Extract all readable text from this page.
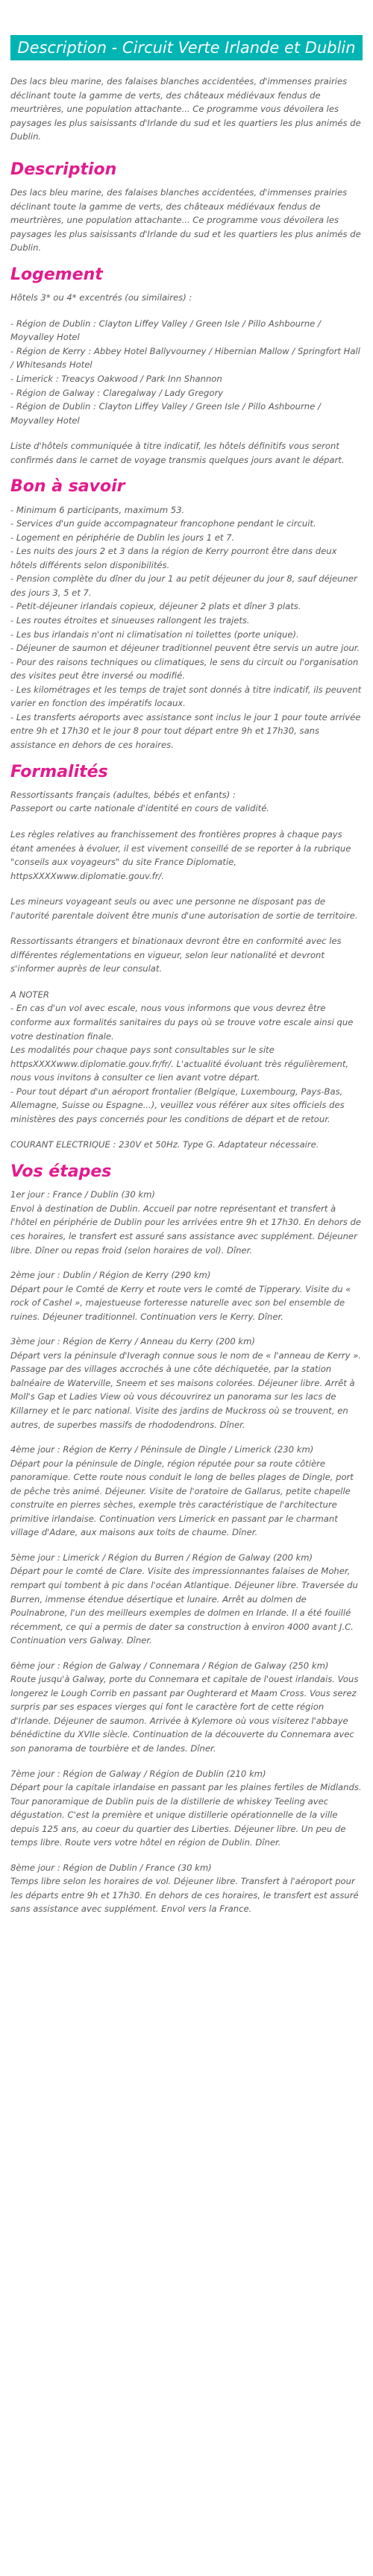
Description - Circuit Verte Irlande et Dublin

Des lacs bleu marine, des falaises blanches accidentées, d'immenses prairies déclinant toute la gamme de verts, des châteaux médiévaux fendus de meurtrières, une population attachante... Ce programme vous dévoilera les paysages les plus saisissants d'Irlande du sud et les quartiers les plus animés de Dublin.

Description

Des lacs bleu marine, des falaises blanches accidentées, d'immenses prairies déclinant toute la gamme de verts, des châteaux médiévaux fendus de meurtrières, une population attachante... Ce programme vous dévoilera les paysages les plus saisissants d'Irlande du sud et les quartiers les plus animés de Dublin.

Logement
Hôtels 3* ou 4* excentrés (ou similaires) :
- Région de Dublin : Clayton Liffey Valley / Green Isle / Pillo Ashbourne / Moyvalley Hotel
- Région de Kerry : Abbey Hotel Ballyvourney / Hibernian Mallow / Springfort Hall / Whitesands Hotel
- Limerick : Treacys Oakwood / Park Inn Shannon
- Région de Galway : Claregalway / Lady Gregory
- Région de Dublin : Clayton Liffey Valley / Green Isle / Pillo Ashbourne / Moyvalley Hotel
Liste d'hôtels communiquée à titre indicatif, les hôtels définitifs vous seront confirmés dans le carnet de voyage transmis quelques jours avant le départ.
Bon à savoir
- Minimum 6 participants, maximum 53.
- Services d'un guide accompagnateur francophone pendant le circuit.
- Logement en périphérie de Dublin les jours 1 et 7.
- Les nuits des jours 2 et 3 dans la région de Kerry pourront être dans deux hôtels différents selon disponibilités.
- Pension complète du dîner du jour 1 au petit déjeuner du jour 8, sauf déjeuner des jours 3, 5 et 7.
- Petit-déjeuner irlandais copieux, déjeuner 2 plats et dîner 3 plats.
- Les routes étroites et sinueuses rallongent les trajets.
- Les bus irlandais n'ont ni climatisation ni toilettes (porte unique).
- Déjeuner de saumon et déjeuner traditionnel peuvent être servis un autre jour.
- Pour des raisons techniques ou climatiques, le sens du circuit ou l'organisation des visites peut être inversé ou modifié.
- Les kilométrages et les temps de trajet sont donnés à titre indicatif, ils peuvent varier en fonction des impératifs locaux.
- Les transferts aéroports avec assistance sont inclus le jour 1 pour toute arrivée entre 9h et 17h30 et le jour 8 pour tout départ entre 9h et 17h30, sans assistance en dehors de ces horaires.
Formalités
Ressortissants français (adultes, bébés et enfants) :
Passeport ou carte nationale d'identité en cours de validité.
Les règles relatives au franchissement des frontières propres à chaque pays étant amenées à évoluer, il est vivement conseillé de se reporter à la rubrique "conseils aux voyageurs" du site France Diplomatie, httpsXXXXwww.diplomatie.gouv.fr/.
Les mineurs voyageant seuls ou avec une personne ne disposant pas de l'autorité parentale doivent être munis d'une autorisation de sortie de territoire.
Ressortissants étrangers et binationaux devront être en conformité avec les différentes réglementations en vigueur, selon leur nationalité et devront s'informer auprès de leur consulat.
A NOTER
- En cas d'un vol avec escale, nous vous informons que vous devrez être conforme aux formalités sanitaires du pays où se trouve votre escale ainsi que votre destination finale.
Les modalités pour chaque pays sont consultables sur le site httpsXXXXwww.diplomatie.gouv.fr/fr/. L'actualité évoluant très régulièrement, nous vous invitons à consulter ce lien avant votre départ.
- Pour tout départ d'un aéroport frontalier (Belgique, Luxembourg, Pays-Bas, Allemagne, Suisse ou Espagne...), veuillez vous référer aux sites officiels des ministères des pays concernés pour les conditions de départ et de retour.
COURANT ELECTRIQUE : 230V et 50Hz. Type G. Adaptateur nécessaire.
Vos étapes
1er jour : France / Dublin (30 km)
Envol à destination de Dublin. Accueil par notre représentant et transfert à l'hôtel en périphérie de Dublin pour les arrivées entre 9h et 17h30. En dehors de ces horaires, le transfert est assuré sans assistance avec supplément. Déjeuner libre. Dîner ou repas froid (selon horaires de vol). Dîner.
2ème jour : Dublin / Région de Kerry (290 km)
Départ pour le Comté de Kerry et route vers le comté de Tipperary. Visite du « rock of Cashel », majestueuse forteresse naturelle avec son bel ensemble de ruines. Déjeuner traditionnel. Continuation vers le Kerry. Dîner.
3ème jour : Région de Kerry / Anneau du Kerry (200 km)
Départ vers la péninsule d'Iveragh connue sous le nom de « l'anneau de Kerry ». Passage par des villages accrochés à une côte déchiquetée, par la station balnéaire de Waterville, Sneem et ses maisons colorées. Déjeuner libre. Arrêt à Moll's Gap et Ladies View où vous découvrirez un panorama sur les lacs de Killarney et le parc national. Visite des jardins de Muckross où se trouvent, en autres, de superbes massifs de rhododendrons. Dîner.
4ème jour : Région de Kerry / Péninsule de Dingle / Limerick (230 km)
Départ pour la péninsule de Dingle, région réputée pour sa route côtière panoramique. Cette route nous conduit le long de belles plages de Dingle, port de pêche très animé. Déjeuner. Visite de l'oratoire de Gallarus, petite chapelle construite en pierres sèches, exemple très caractéristique de l'architecture primitive irlandaise. Continuation vers Limerick en passant par le charmant village d'Adare, aux maisons aux toits de chaume. Dîner.
5ème jour : Limerick / Région du Burren / Région de Galway (200 km)
Départ pour le comté de Clare. Visite des impressionnantes falaises de Moher, rempart qui tombent à pic dans l'océan Atlantique. Déjeuner libre. Traversée du Burren, immense étendue désertique et lunaire. Arrêt au dolmen de Poulnabrone, l'un des meilleurs exemples de dolmen en Irlande. Il a été fouillé récemment, ce qui a permis de dater sa construction à environ 4000 avant J.C. Continuation vers Galway. Dîner.
6ème jour : Région de Galway / Connemara / Région de Galway (250 km)
Route jusqu'à Galway, porte du Connemara et capitale de l'ouest irlandais. Vous longerez le Lough Corrib en passant par Oughterard et Maam Cross. Vous serez surpris par ses espaces vierges qui font le caractère fort de cette région d'Irlande. Déjeuner de saumon. Arrivée à Kylemore où vous visiterez l'abbaye bénédictine du XVIIe siècle. Continuation de la découverte du Connemara avec son panorama de tourbière et de landes. Dîner.
7ème jour : Région de Galway / Région de Dublin (210 km)
Départ pour la capitale irlandaise en passant par les plaines fertiles de Midlands. Tour panoramique de Dublin puis de la distillerie de whiskey Teeling avec dégustation. C'est la première et unique distillerie opérationnelle de la ville depuis 125 ans, au coeur du quartier des Liberties. Déjeuner libre. Un peu de temps libre. Route vers votre hôtel en région de Dublin. Dîner.
8ème jour : Région de Dublin / France (30 km)
Temps libre selon les horaires de vol. Déjeuner libre. Transfert à l'aéroport pour les départs entre 9h et 17h30. En dehors de ces horaires, le transfert est assuré sans assistance avec supplément. Envol vers la France.
